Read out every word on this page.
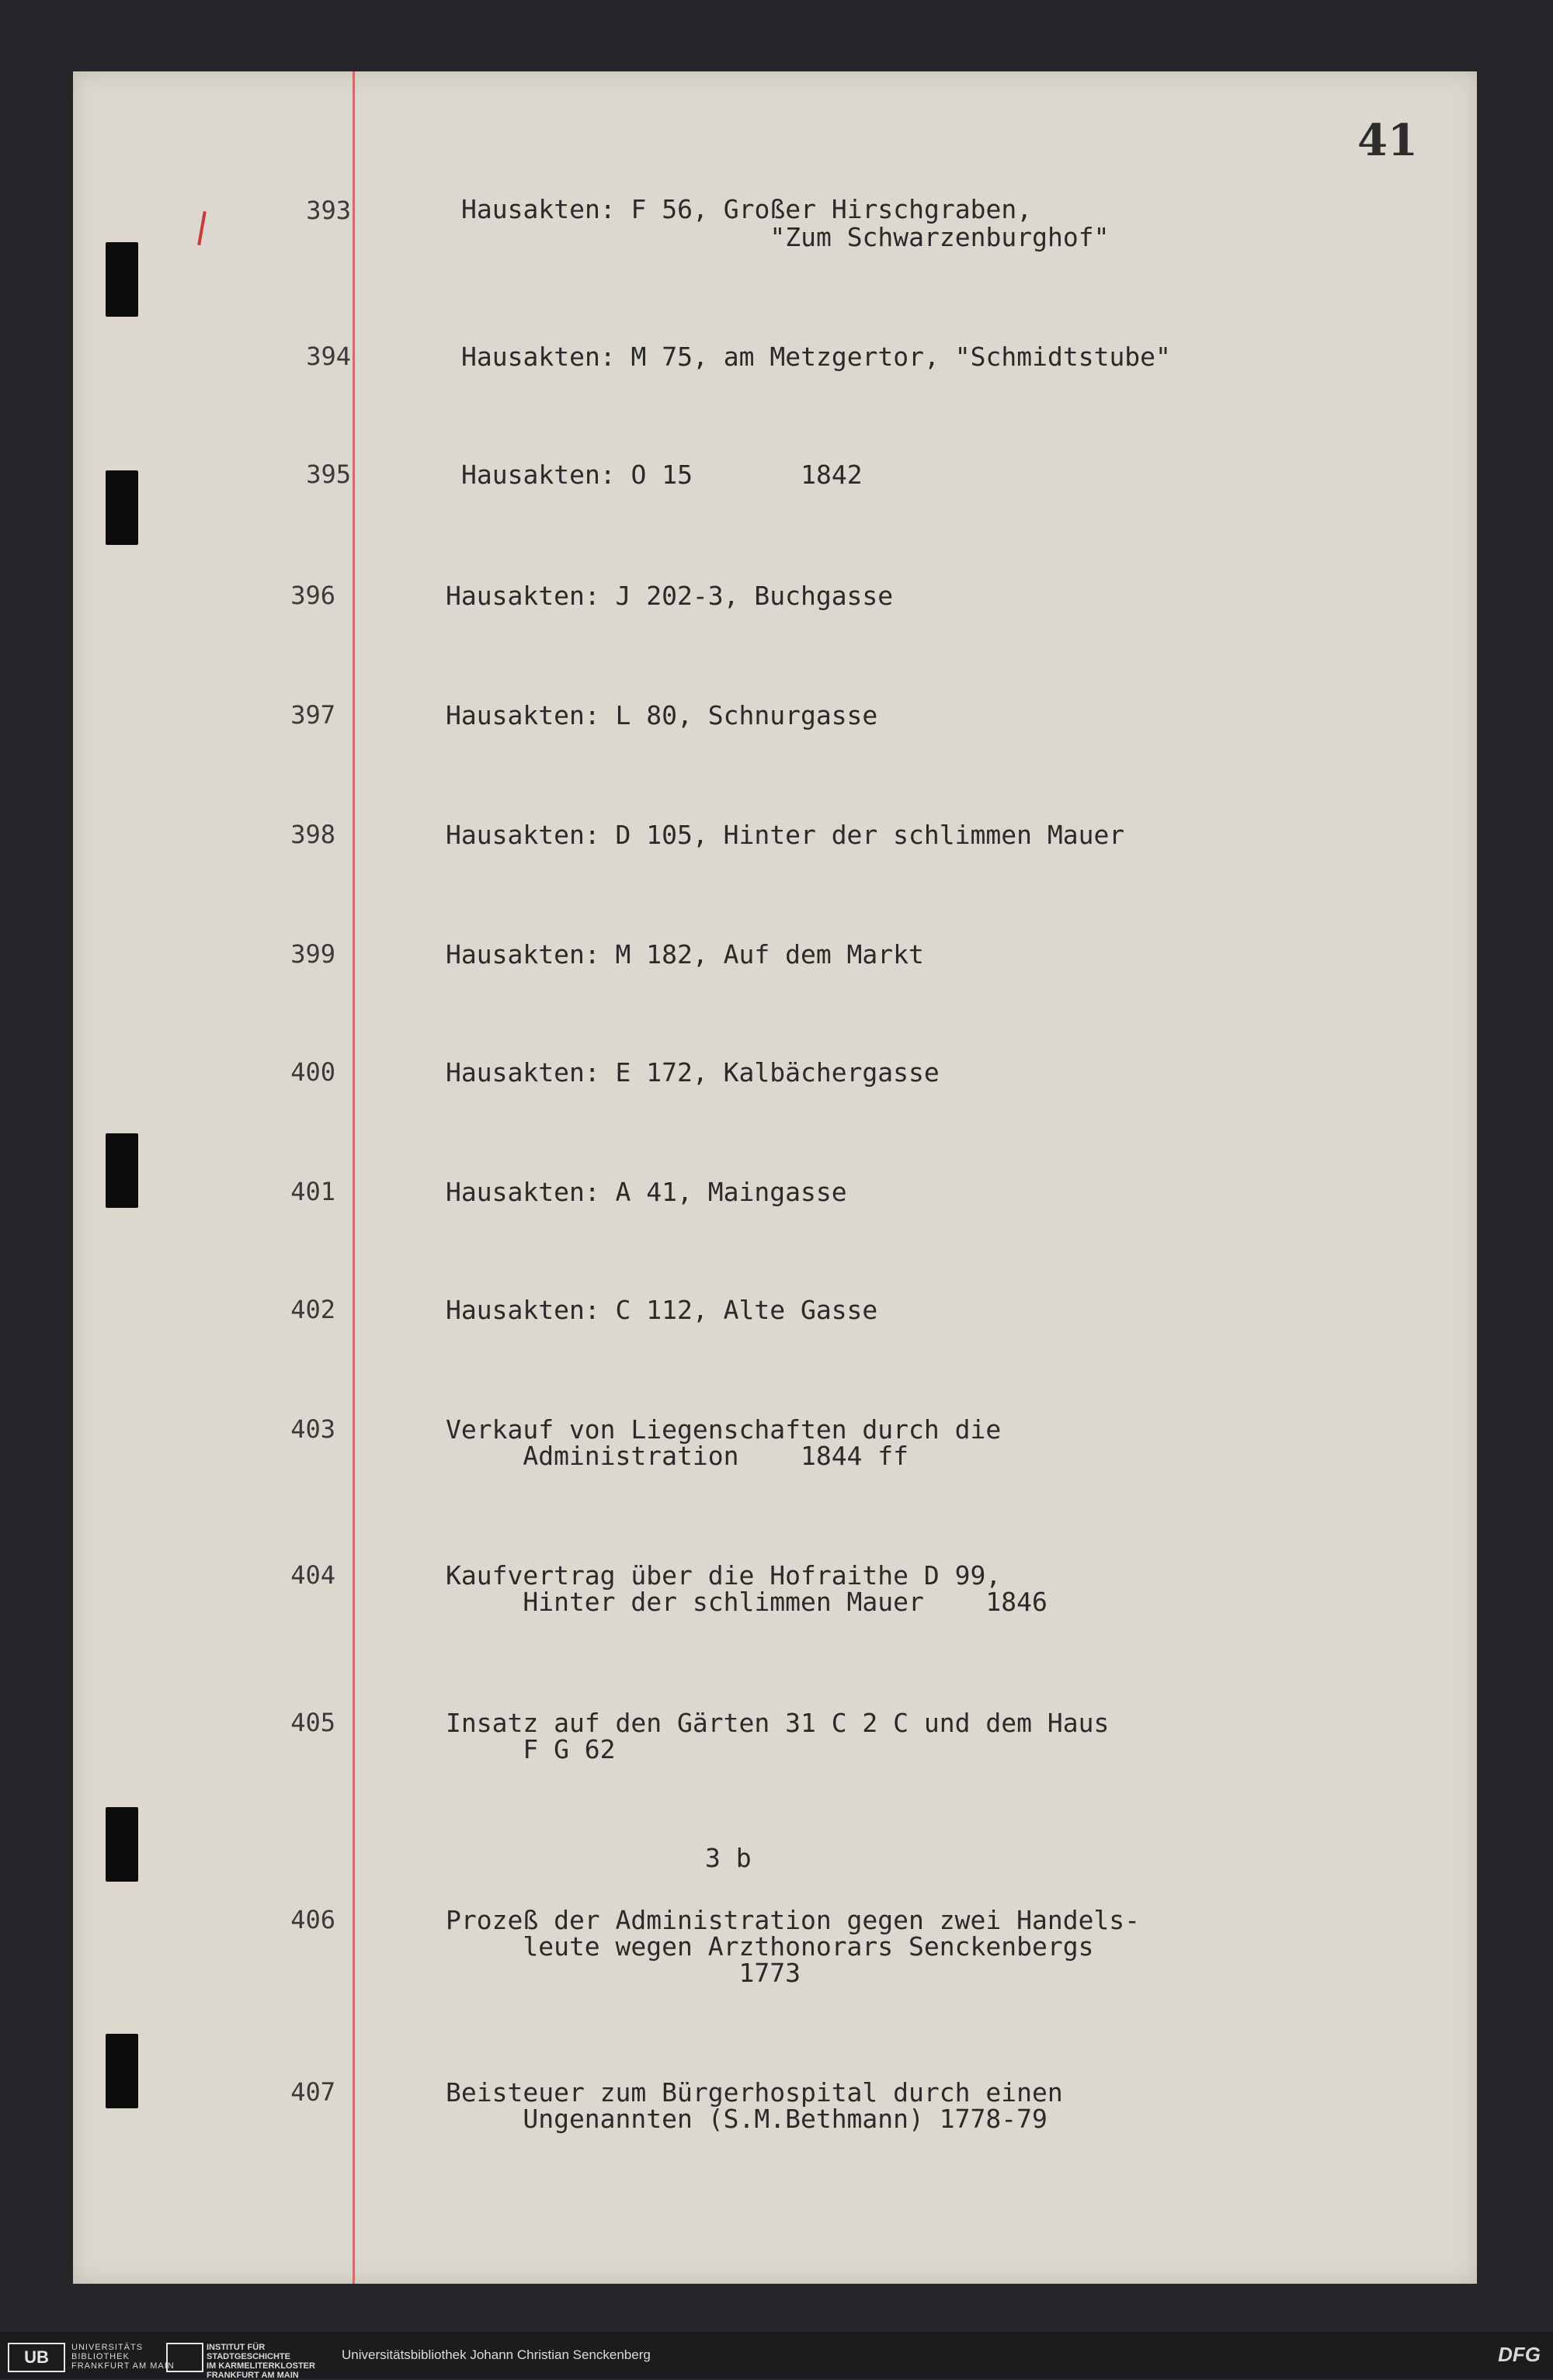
41
393	Hausakten: F 56, Großer Hirschgraben,
"Zum Schwarzenburghof"
394	Hausakten: M 75, am Metzgertor, "Schmidtstube"
395	Hausakten: O 15       1842
396	Hausakten: J 202-3, Buchgasse
397	Hausakten: L 80, Schnurgasse
398	Hausakten: D 105, Hinter der schlimmen Mauer
399	Hausakten: M 182, Auf dem Markt
400	Hausakten: E 172, Kalbächergasse
401	Hausakten: A 41, Maingasse
402	Hausakten: C 112, Alte Gasse
403	Verkauf von Liegenschaften durch die
Administration    1844 ff
404	Kaufvertrag über die Hofraithe D 99,
Hinter der schlimmen Mauer    1846
405	Insatz auf den Gärten 31 C 2 C und dem Haus
F G 62
3 b
406	Prozeß der Administration gegen zwei Handels-
leute wegen Arzthonorars Senckenbergs
1773
407	Beisteuer zum Bürgerhospital durch einen
Ungenannten (S.M.Bethmann) 1778-79
UB	UNIVERSITÄTS
BIBLIOTHEK
FRANKFURT AM MAIN
INSTITUT FÜR
STADTGESCHICHTE
IM KARMELITERKLOSTER
FRANKFURT AM MAIN
Universitätsbibliothek Johann Christian Senckenberg	DFG
